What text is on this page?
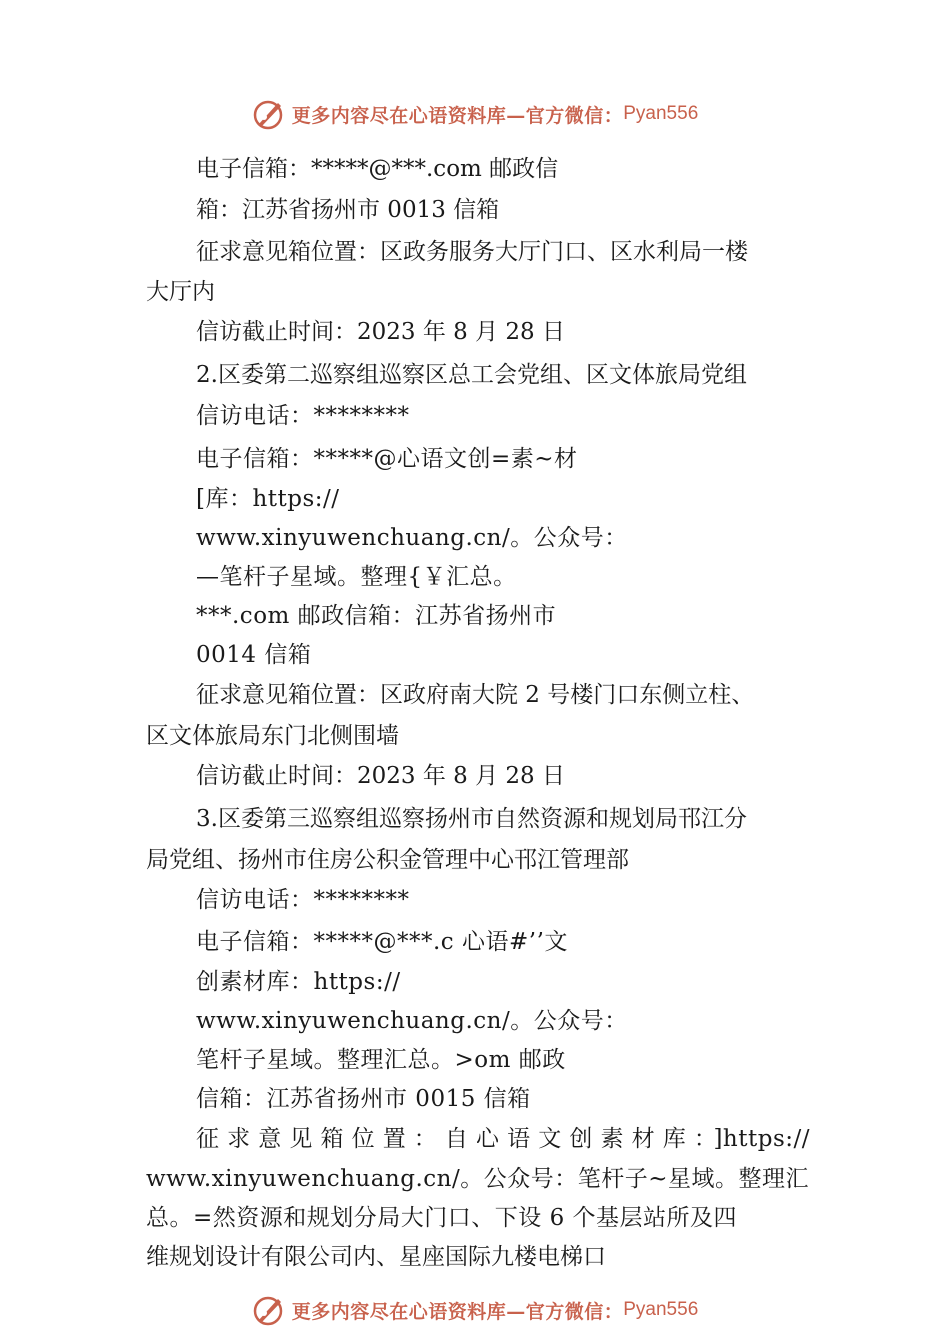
更多内容尽在心语资料库 —官方微信： Pyan556
电子信箱：*****@***.com 邮政信
箱：江苏省扬州市 0013 信箱
征求意见箱位置：区政务服务大厅门口、区水利局一楼
大厅内
信访截止时间：2023 年 8 月 28 日
2.区委第二巡察组巡察区总工会党组、区文体旅局党组
信访电话：********
电子信箱：*****@心语文创=素~材
[库：https://
www.xinyuwenchuang.cn/。公众号：
—笔杆子星域。整理{￥汇总。
***.com 邮政信箱：江苏省扬州市
0014 信箱
征求意见箱位置：区政府南大院 2 号楼门口东侧立柱、
区文体旅局东门北侧围墙
信访截止时间：2023 年 8 月 28 日
3.区委第三巡察组巡察扬州市自然资源和规划局邗江分
局党组、扬州市住房公积金管理中心邗江管理部
信访电话：********
电子信箱：*****@***.c 心语#’’文
创素材库：https://
www.xinyuwenchuang.cn/。公众号：
笔杆子星域。整理汇总。>om 邮政
信箱：江苏省扬州市 0015 信箱
征求意见箱位置：自心语文创素材库：]https://
www.xinyuwenchuang.cn/。公众号：笔杆子~星域。整理汇
总。=然资源和规划分局大门口、下设 6 个基层站所及四
维规划设计有限公司内、星座国际九楼电梯口
更多内容尽在心语资料库 —官方微信： Pyan556
